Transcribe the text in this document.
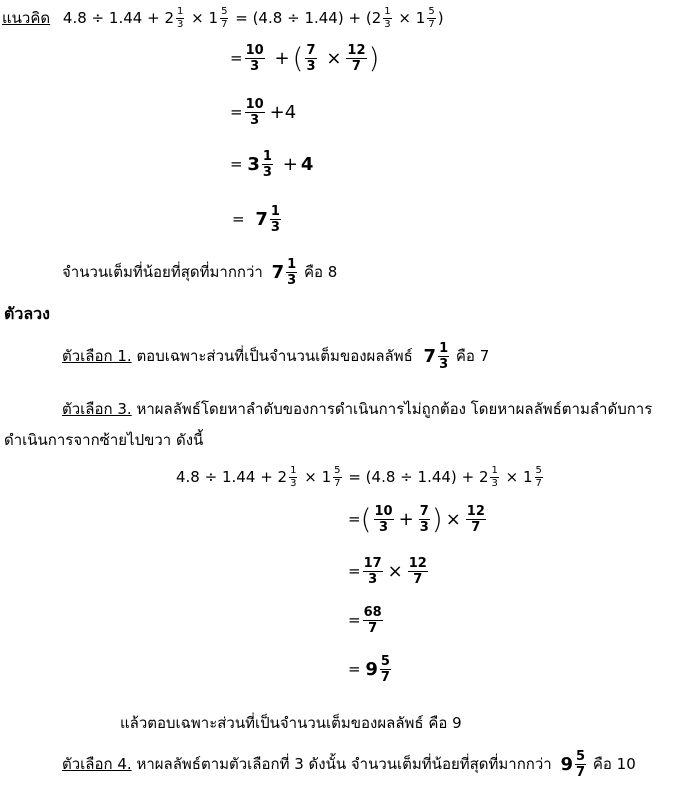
แนวคิด $4.8 \div 1.44 + 2 \frac{1}{3} \times 1 \frac{5}{7} = (4.8 \div 1.44) + (2 \frac{1}{3} \times 1 \frac{5}{7}$ )
= $\frac{10}{3}$ + ( $\frac{7}{3} \times \frac{12}{7}$ )
= $\frac{10}{3} +4$
= $3 \frac{1}{3} + 4$
= $7 \frac{1}{3}$
จำนวนเต็มที่น้อยที่สุดที่มากกว่า $7 \frac{1}{3}$ คือ 8
ตัวลวง
ตัวเลือก 1. ตอบเฉพาะส่วนที่เป็นจำนวนเต็มของผลลัพธ์ $7 \frac{1}{3}$ คือ 7
ตัวเลือก 3. หาผลลัพธ์โดยหาลำดับของการดำเนินการไม่ถูกต้อง โดยหาผลลัพธ์ตามลำดับการ
ดำเนินการจากซ้ายไปขวา ดังนี้
$4.8 \div 1.44 + 2 \frac{1}{3} \times 1 \frac{5}{7} = (4.8 \div 1.44) + 2 \frac{1}{3} \times 1 \frac{5}{7}$
=( $\frac{10}{3} + \frac{7}{3}$ ) × $\frac{12}{7}$
= $\frac{17}{3} \times \frac{12}{7}$
= $\frac{68}{7}$
= $9 \frac{5}{7}$
แล้วตอบเฉพาะส่วนที่เป็นจำนวนเต็มของผลลัพธ์ คือ 9
ตัวเลือก 4. หาผลลัพธ์ตามตัวเลือกที่ 3 ดังนั้น จำนวนเต็มที่น้อยที่สุดที่มากกว่า $9 \frac{5}{7}$ คือ 10
